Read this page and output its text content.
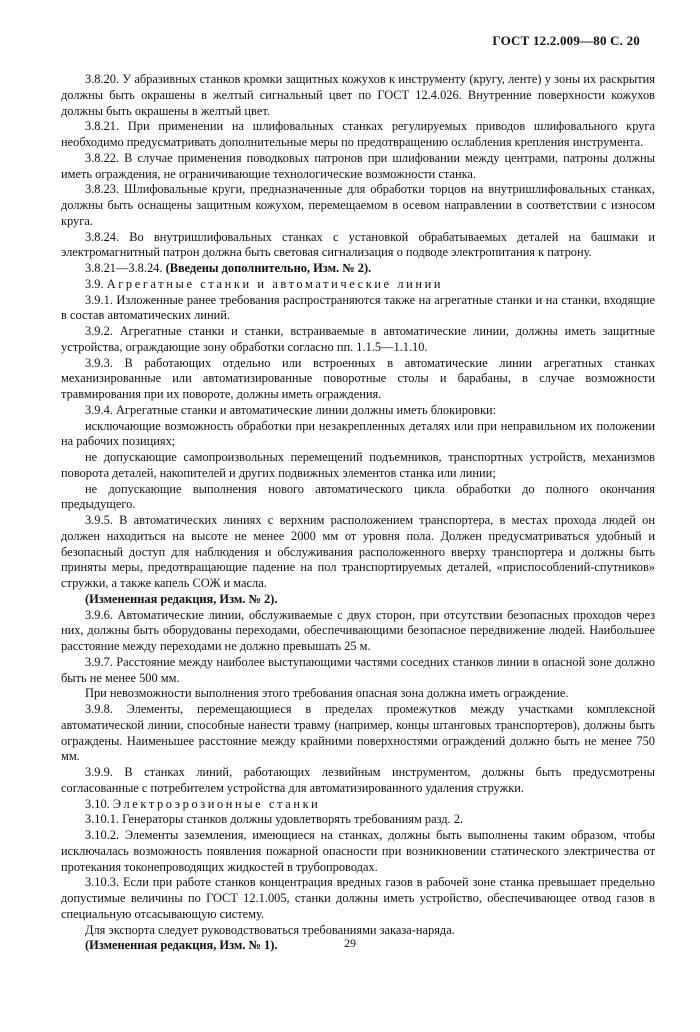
ГОСТ 12.2.009—80 С. 20

3.8.20. У абразивных станков кромки защитных кожухов к инструменту (кругу, ленте) у зоны их раскрытия должны быть окрашены в желтый сигнальный цвет по ГОСТ 12.4.026. Внутренние поверхности кожухов должны быть окрашены в желтый цвет.

3.8.21. При применении на шлифовальных станках регулируемых приводов шлифовального круга необходимо предусматривать дополнительные меры по предотвращению ослабления крепления инструмента.

3.8.22. В случае применения поводковых патронов при шлифовании между центрами, патроны должны иметь ограждения, не ограничивающие технологические возможности станка.

3.8.23. Шлифовальные круги, предназначенные для обработки торцов на внутришлифовальных станках, должны быть оснащены защитным кожухом, перемещаемом в осевом направлении в соответствии с износом круга.

3.8.24. Во внутришлифовальных станках с установкой обрабатываемых деталей на башмаки и электромагнитный патрон должна быть световая сигнализация о подводе электропитания к патрону.

3.8.21—3.8.24. (Введены дополнительно, Изм. № 2).

3.9. Агрегатные станки и автоматические линии

3.9.1. Изложенные ранее требования распространяются также на агрегатные станки и на станки, входящие в состав автоматических линий.

3.9.2. Агрегатные станки и станки, встраиваемые в автоматические линии, должны иметь защитные устройства, ограждающие зону обработки согласно пп. 1.1.5—1.1.10.

3.9.3. В работающих отдельно или встроенных в автоматические линии агрегатных станках механизированные или автоматизированные поворотные столы и барабаны, в случае возможности травмирования при их повороте, должны иметь ограждения.

3.9.4. Агрегатные станки и автоматические линии должны иметь блокировки:

исключающие возможность обработки при незакрепленных деталях или при неправильном их положении на рабочих позициях;

не допускающие самопроизвольных перемещений подъемников, транспортных устройств, механизмов поворота деталей, накопителей и других подвижных элементов станка или линии;

не допускающие выполнения нового автоматического цикла обработки до полного окончания предыдущего.

3.9.5. В автоматических линиях с верхним расположением транспортера, в местах прохода людей он должен находиться на высоте не менее 2000 мм от уровня пола. Должен предусматриваться удобный и безопасный доступ для наблюдения и обслуживания расположенного вверху транспортера и должны быть приняты меры, предотвращающие падение на пол транспортируемых деталей, «приспособлений-спутников» стружки, а также капель СОЖ и масла.

(Измененная редакция, Изм. № 2).

3.9.6. Автоматические линии, обслуживаемые с двух сторон, при отсутствии безопасных проходов через них, должны быть оборудованы переходами, обеспечивающими безопасное передвижение людей. Наибольшее расстояние между переходами не должно превышать 25 м.

3.9.7. Расстояние между наиболее выступающими частями соседних станков линии в опасной зоне должно быть не менее 500 мм.

При невозможности выполнения этого требования опасная зона должна иметь ограждение.

3.9.8. Элементы, перемещающиеся в пределах промежутков между участками комплексной автоматической линии, способные нанести травму (например, концы штанговых транспортеров), должны быть ограждены. Наименьшее расстояние между крайними поверхностями ограждений должно быть не менее 750 мм.

3.9.9. В станках линий, работающих лезвийным инструментом, должны быть предусмотрены согласованные с потребителем устройства для автоматизированного удаления стружки.

3.10. Электроэрозионные станки

3.10.1. Генераторы станков должны удовлетворять требованиям разд. 2.

3.10.2. Элементы заземления, имеющиеся на станках, должны быть выполнены таким образом, чтобы исключалась возможность появления пожарной опасности при возникновении статического электричества от протекания токонепроводящих жидкостей в трубопроводах.

3.10.3. Если при работе станков концентрация вредных газов в рабочей зоне станка превышает предельно допустимые величины по ГОСТ 12.1.005, станки должны иметь устройство, обеспечивающее отвод газов в специальную отсасывающую систему.

Для экспорта следует руководствоваться требованиями заказа-наряда.

(Измененная редакция, Изм. № 1).	29
